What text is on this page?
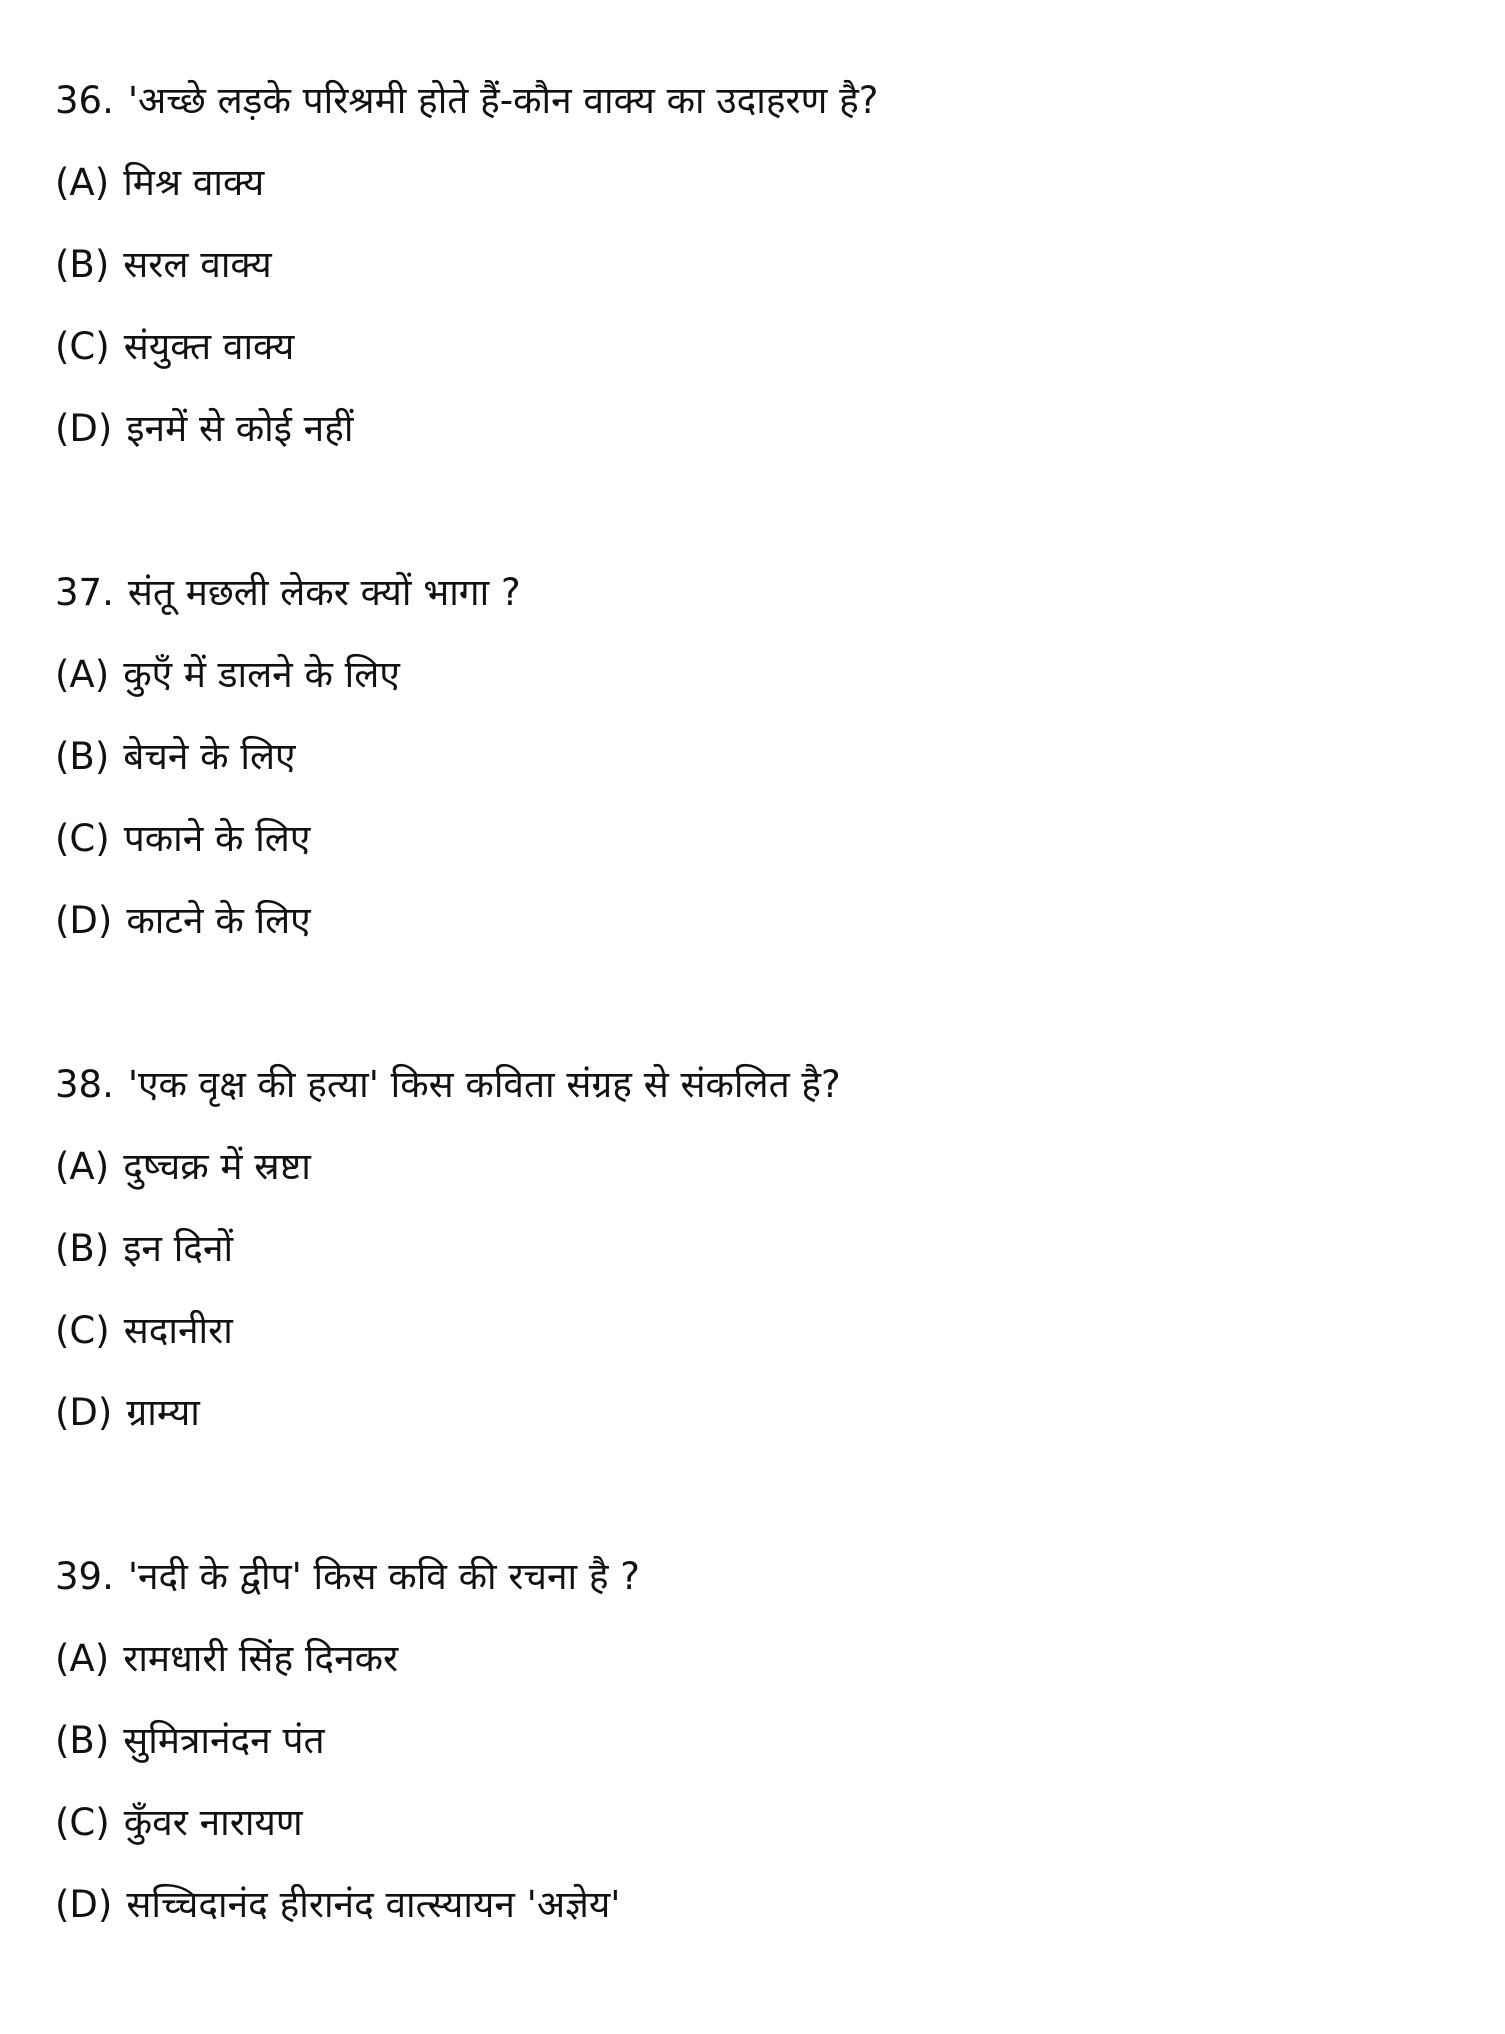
36. 'अच्छे लड़के परिश्रमी होते हैं-कौन वाक्य का उदाहरण है?
(A) मिश्र वाक्य
(B) सरल वाक्य
(C) संयुक्त वाक्य
(D) इनमें से कोई नहीं
37. संतू मछली लेकर क्यों भागा ?
(A) कुएँ में डालने के लिए
(B) बेचने के लिए
(C) पकाने के लिए
(D) काटने के लिए
38. 'एक वृक्ष की हत्या' किस कविता संग्रह से संकलित है?
(A) दुष्चक्र में स्रष्टा
(B) इन दिनों
(C) सदानीरा
(D) ग्राम्या
39. 'नदी के द्वीप' किस कवि की रचना है ?
(A) रामधारी सिंह दिनकर
(B) सुमित्रानंदन पंत
(C) कुँवर नारायण
(D) सच्चिदानंद हीरानंद वात्स्यायन 'अज्ञेय'
